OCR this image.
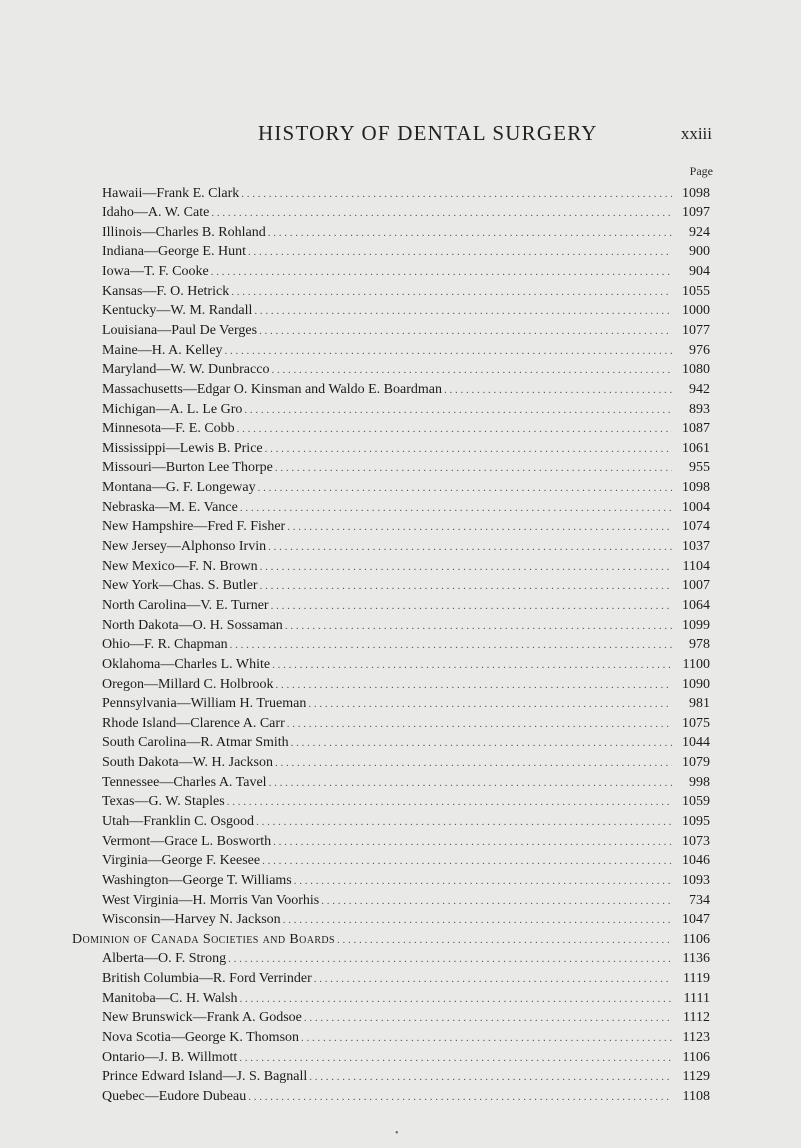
HISTORY OF DENTAL SURGERY	xxiii
Page
Hawaii—Frank E. Clark . . .	1098
Idaho—A. W. Cate . . .	1097
Illinois—Charles B. Rohland . . .	924
Indiana—George E. Hunt . . .	900
Iowa—T. F. Cooke . . .	904
Kansas—F. O. Hetrick . . .	1055
Kentucky—W. M. Randall . . .	1000
Louisiana—Paul De Verges . . .	1077
Maine—H. A. Kelley . . .	976
Maryland—W. W. Dunbracco . . .	1080
Massachusetts—Edgar O. Kinsman and Waldo E. Boardman . . .	942
Michigan—A. L. Le Gro . . .	893
Minnesota—F. E. Cobb . . .	1087
Mississippi—Lewis B. Price . . .	1061
Missouri—Burton Lee Thorpe . . .	955
Montana—G. F. Longeway . . .	1098
Nebraska—M. E. Vance . . .	1004
New Hampshire—Fred F. Fisher . . .	1074
New Jersey—Alphonso Irvin . . .	1037
New Mexico—F. N. Brown . . .	1104
New York—Chas. S. Butler . . .	1007
North Carolina—V. E. Turner . . .	1064
North Dakota—O. H. Sossaman . . .	1099
Ohio—F. R. Chapman . . .	978
Oklahoma—Charles L. White . . .	1100
Oregon—Millard C. Holbrook . . .	1090
Pennsylvania—William H. Trueman . . .	981
Rhode Island—Clarence A. Carr . . .	1075
South Carolina—R. Atmar Smith . . .	1044
South Dakota—W. H. Jackson . . .	1079
Tennessee—Charles A. Tavel . . .	998
Texas—G. W. Staples . . .	1059
Utah—Franklin C. Osgood . . .	1095
Vermont—Grace L. Bosworth . . .	1073
Virginia—George F. Keesee . . .	1046
Washington—George T. Williams . . .	1093
West Virginia—H. Morris Van Voorhis . . .	734
Wisconsin—Harvey N. Jackson . . .	1047
Dominion of Canada Societies and Boards . . .	1106
Alberta—O. F. Strong . . .	1136
British Columbia—R. Ford Verrinder . . .	1119
Manitoba—C. H. Walsh . . .	1111
New Brunswick—Frank A. Godsoe . . .	1112
Nova Scotia—George K. Thomson . . .	1123
Ontario—J. B. Willmott . . .	1106
Prince Edward Island—J. S. Bagnall . . .	1129
Quebec—Eudore Dubeau . . .	1108
•
